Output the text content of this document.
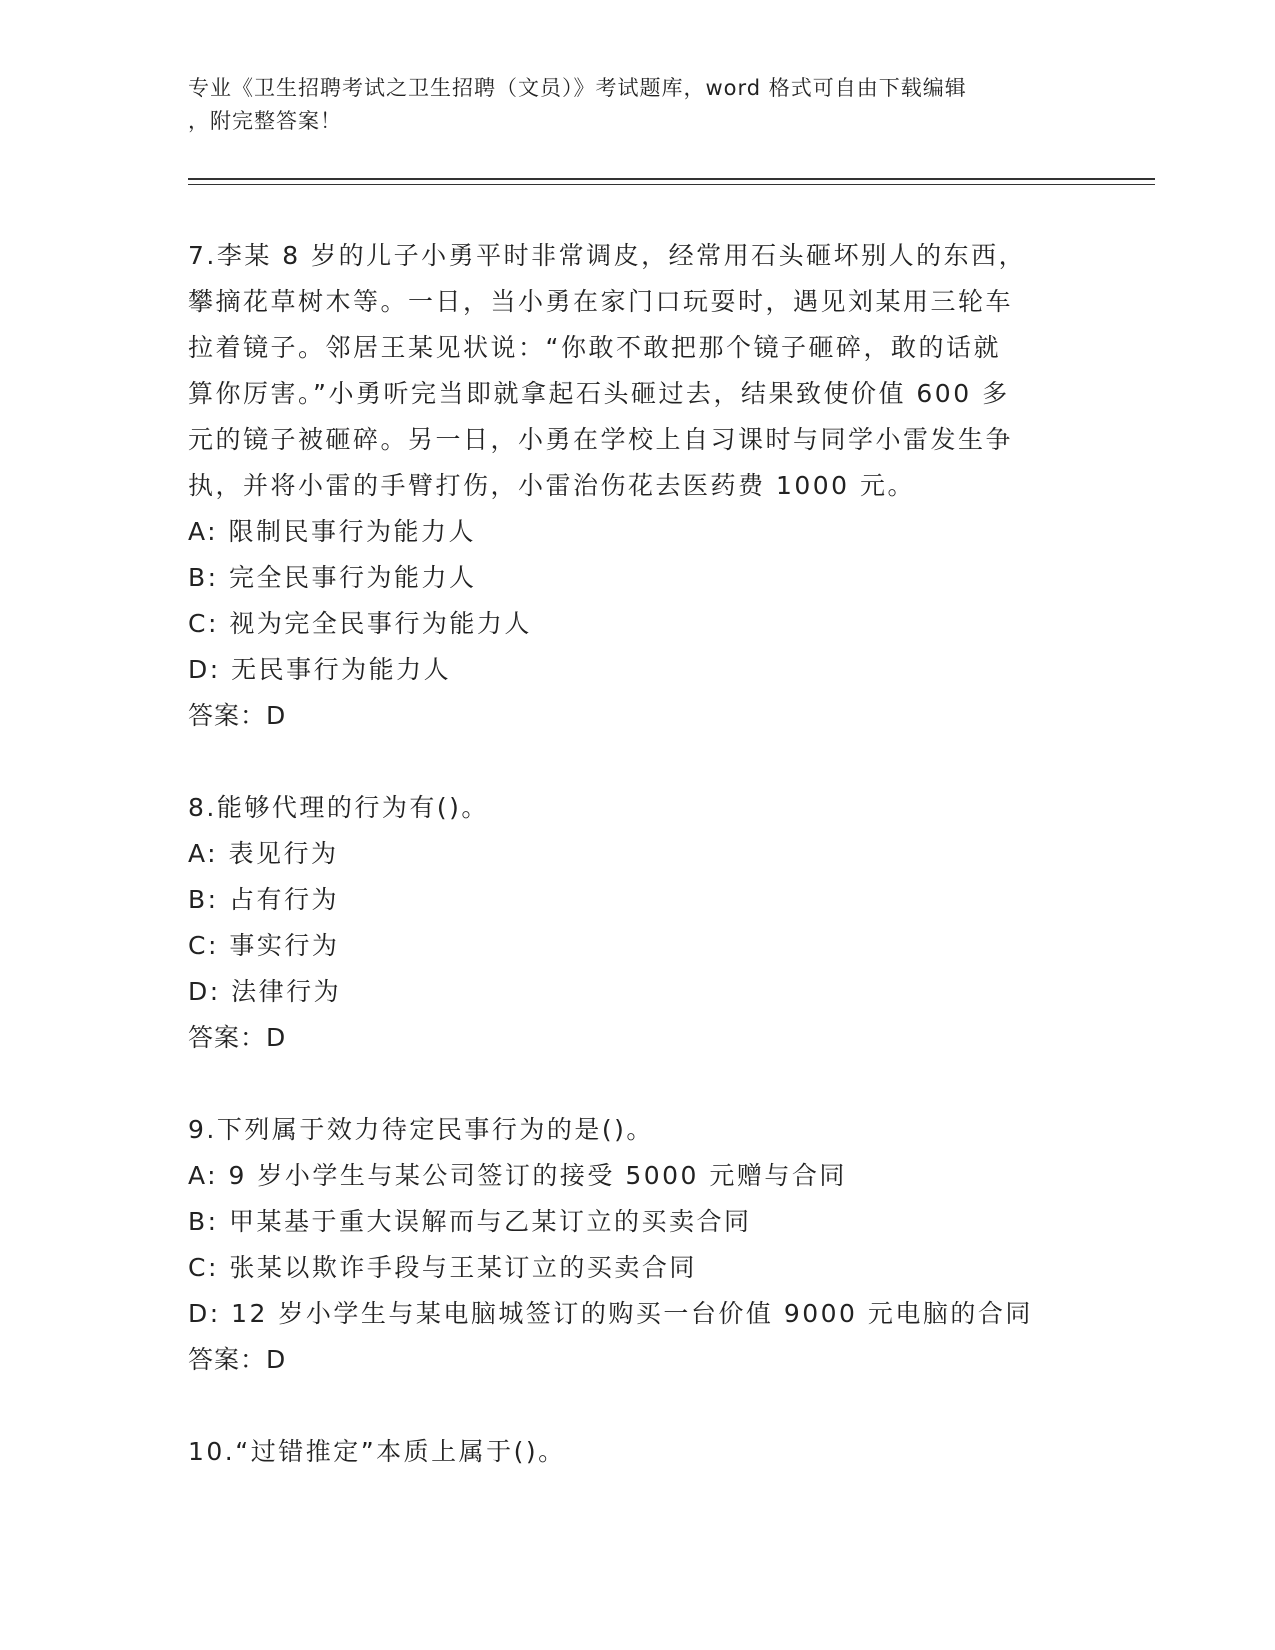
专业《卫生招聘考试之卫生招聘（文员）》考试题库，word 格式可自由下载编辑
，附完整答案！
7.李某 8 岁的儿子小勇平时非常调皮，经常用石头砸坏别人的东西，
攀摘花草树木等。一日，当小勇在家门口玩耍时，遇见刘某用三轮车
拉着镜子。邻居王某见状说：“你敢不敢把那个镜子砸碎，敢的话就
算你厉害。”小勇听完当即就拿起石头砸过去，结果致使价值 600 多
元的镜子被砸碎。另一日，小勇在学校上自习课时与同学小雷发生争
执，并将小雷的手臂打伤，小雷治伤花去医药费 1000 元。
A: 限制民事行为能力人
B: 完全民事行为能力人
C: 视为完全民事行为能力人
D: 无民事行为能力人
答案：D
8.能够代理的行为有()。
A: 表见行为
B: 占有行为
C: 事实行为
D: 法律行为
答案：D
9.下列属于效力待定民事行为的是()。
A: 9 岁小学生与某公司签订的接受 5000 元赠与合同
B: 甲某基于重大误解而与乙某订立的买卖合同
C: 张某以欺诈手段与王某订立的买卖合同
D: 12 岁小学生与某电脑城签订的购买一台价值 9000 元电脑的合同
答案：D
10.“过错推定”本质上属于()。
